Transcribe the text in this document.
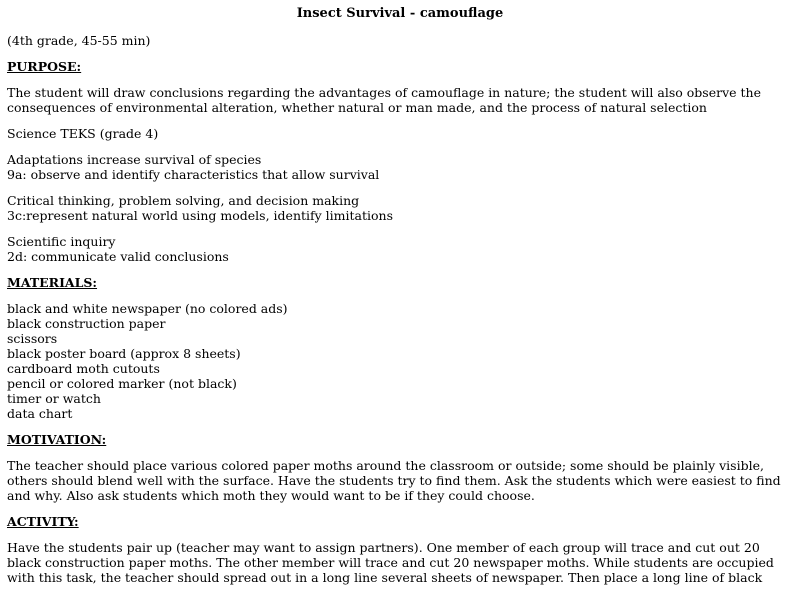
Insect Survival - camouflage

(4th grade, 45-55 min)

PURPOSE:

The student will draw conclusions regarding the advantages of camouflage in nature; the student will also observe the consequences of environmental alteration, whether natural or man made, and the process of natural selection

Science TEKS (grade 4)

Adaptations increase survival of species
9a: observe and identify characteristics that allow survival

Critical thinking, problem solving, and decision making
3c:represent natural world using models, identify limitations

Scientific inquiry
2d: communicate valid conclusions

MATERIALS:

black and white newspaper (no colored ads)
black construction paper
scissors
black poster board (approx 8 sheets)
cardboard moth cutouts
pencil or colored marker (not black)
timer or watch
data chart

MOTIVATION:

The teacher should place various colored paper moths around the classroom or outside; some should be plainly visible, others should blend well with the surface. Have the students try to find them. Ask the students which were easiest to find and why. Also ask students which moth they would want to be if they could choose.

ACTIVITY:

Have the students pair up (teacher may want to assign partners). One member of each group will trace and cut out 20 black construction paper moths. The other member will trace and cut 20 newspaper moths. While students are occupied with this task, the teacher should spread out in a long line several sheets of newspaper. Then place a long line of black
